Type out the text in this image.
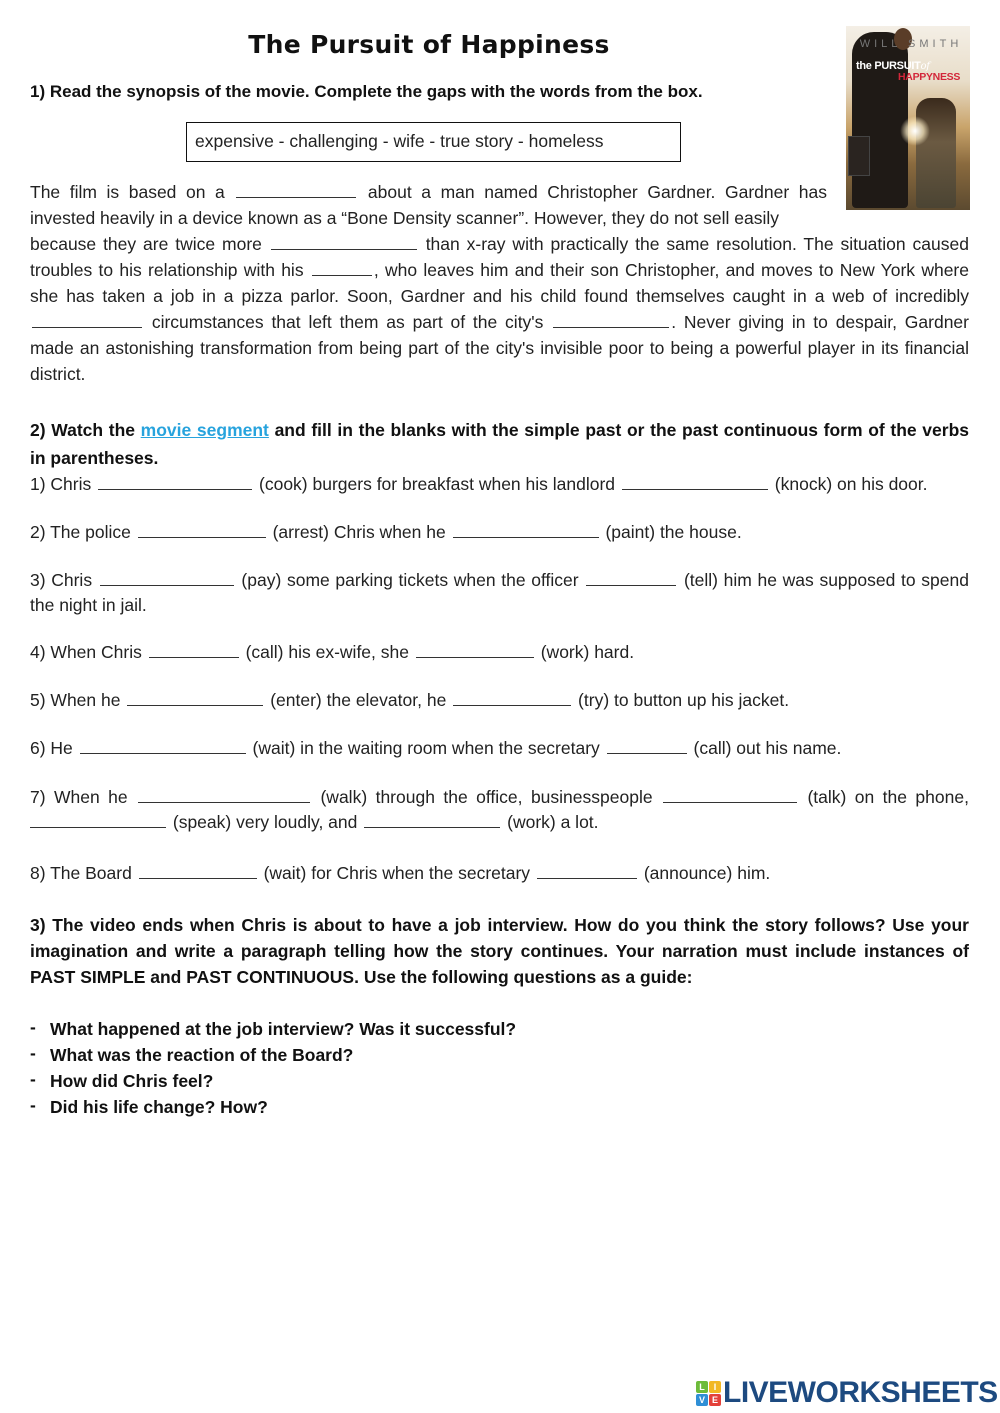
The Pursuit of Happiness	WILL SMITH
the PURSUITof
HAPPYNESS
1) Read the synopsis of the movie. Complete the gaps with the words from the box.
expensive - challenging - wife - true story - homeless
The film is based on a	about a man named Christopher Gardner. Gardner has invested heavily in a device known as a “Bone Density scanner”. However, they do not sell easily
because they are twice more	than x-ray with practically the same resolution. The situation caused troubles to his relationship with his	, who leaves him and their son Christopher, and moves to New York where she has taken a job in a pizza parlor. Soon, Gardner and his child found themselves caught in a web of incredibly  circumstances that left them as part of the city's	. Never giving in to despair, Gardner made an astonishing transformation from being part of the city's invisible poor to being a powerful player in its financial district.
2) Watch the movie segment and fill in the blanks with the simple past or the past continuous form of the verbs in parentheses.
1) Chris	(cook) burgers for breakfast when his landlord	(knock) on his door.
2) The police	(arrest) Chris when he	(paint) the house.
3) Chris	(pay) some parking tickets when the officer	(tell) him he was supposed to spend the night in jail.
4) When Chris	(call) his ex-wife, she	(work) hard.
5) When he	(enter) the elevator, he	(try) to button up his jacket.
6) He	(wait) in the waiting room when the secretary	(call) out his name.
7) When he	(walk) through the office, businesspeople	(talk) on the phone,  (speak) very loudly, and	(work) a lot.
8) The Board	(wait) for Chris when the secretary	(announce) him.
3) The video ends when Chris is about to have a job interview. How do you think the story follows? Use your imagination and write a paragraph telling how the story continues. Your narration must include instances of PAST SIMPLE and PAST CONTINUOUS. Use the following questions as a guide:
- What happened at the job interview? Was it successful?
- What was the reaction of the Board?
- How did Chris feel?
- Did his life change? How?
L I
V E LIVEWORKSHEETS
